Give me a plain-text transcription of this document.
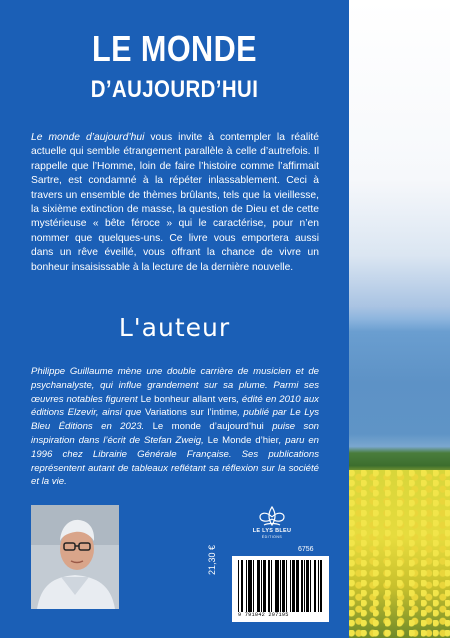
LE MONDE
D’AUJOURD’HUI
Le monde d’aujourd’hui vous invite à contempler la réalité actuelle qui semble étrangement parallèle à celle d’autrefois. Il rappelle que l’Homme, loin de faire l’histoire comme l’affirmait Sartre, est condamné à la répéter inlassablement. Ceci à travers un ensemble de thèmes brûlants, tels que la vieillesse, la sixième extinction de masse, la question de Dieu et de cette mystérieuse « bête féroce » qui le caractérise, pour n’en nommer que quelques-uns. Ce livre vous emportera aussi dans un rêve éveillé, vous offrant la chance de vivre un bonheur insaisissable à la lecture de la dernière nouvelle.
L'auteur
Philippe Guillaume mène une double carrière de musicien et de psychanalyste, qui influe grandement sur sa plume. Parmi ses œuvres notables figurent Le bonheur allant vers, édité en 2010 aux éditions Elzevir, ainsi que Variations sur l’intime, publié par Le Lys Bleu Éditions en 2023. Le monde d’aujourd’hui puise son inspiration dans l’écrit de Stefan Zweig, Le Monde d’hier, paru en 1996 chez Librairie Générale Française. Ses publications représentent autant de tableaux reflétant sa réflexion sur la société et la vie.
LE LYS BLEU
ÉDITIONS
6756
21,30 €
9 791042 207195
